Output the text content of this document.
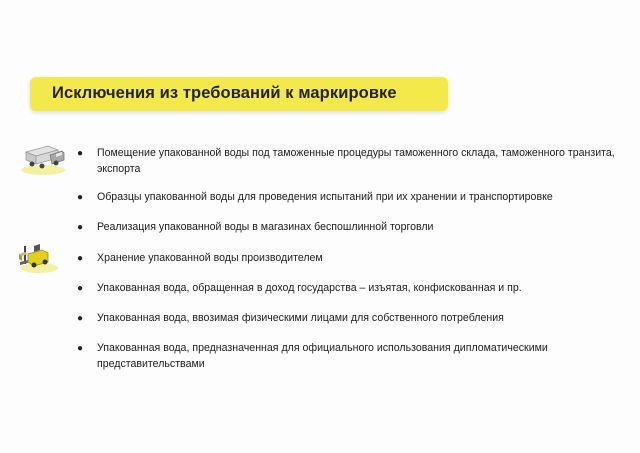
Исключения из требований к маркировке
●	Помещение упакованной воды под таможенные процедуры таможенного склада, таможенного транзита, экспорта
●	Образцы упакованной воды для проведения испытаний при их хранении и транспортировке
●	Реализация упакованной воды в магазинах беспошлинной торговли
●	Хранение упакованной воды производителем
●	Упакованная вода, обращенная в доход государства – изъятая, конфискованная и пр.
●	Упакованная вода, ввозимая физическими лицами для собственного потребления
●	Упакованная вода, предназначенная для официального использования дипломатическими представительствами
